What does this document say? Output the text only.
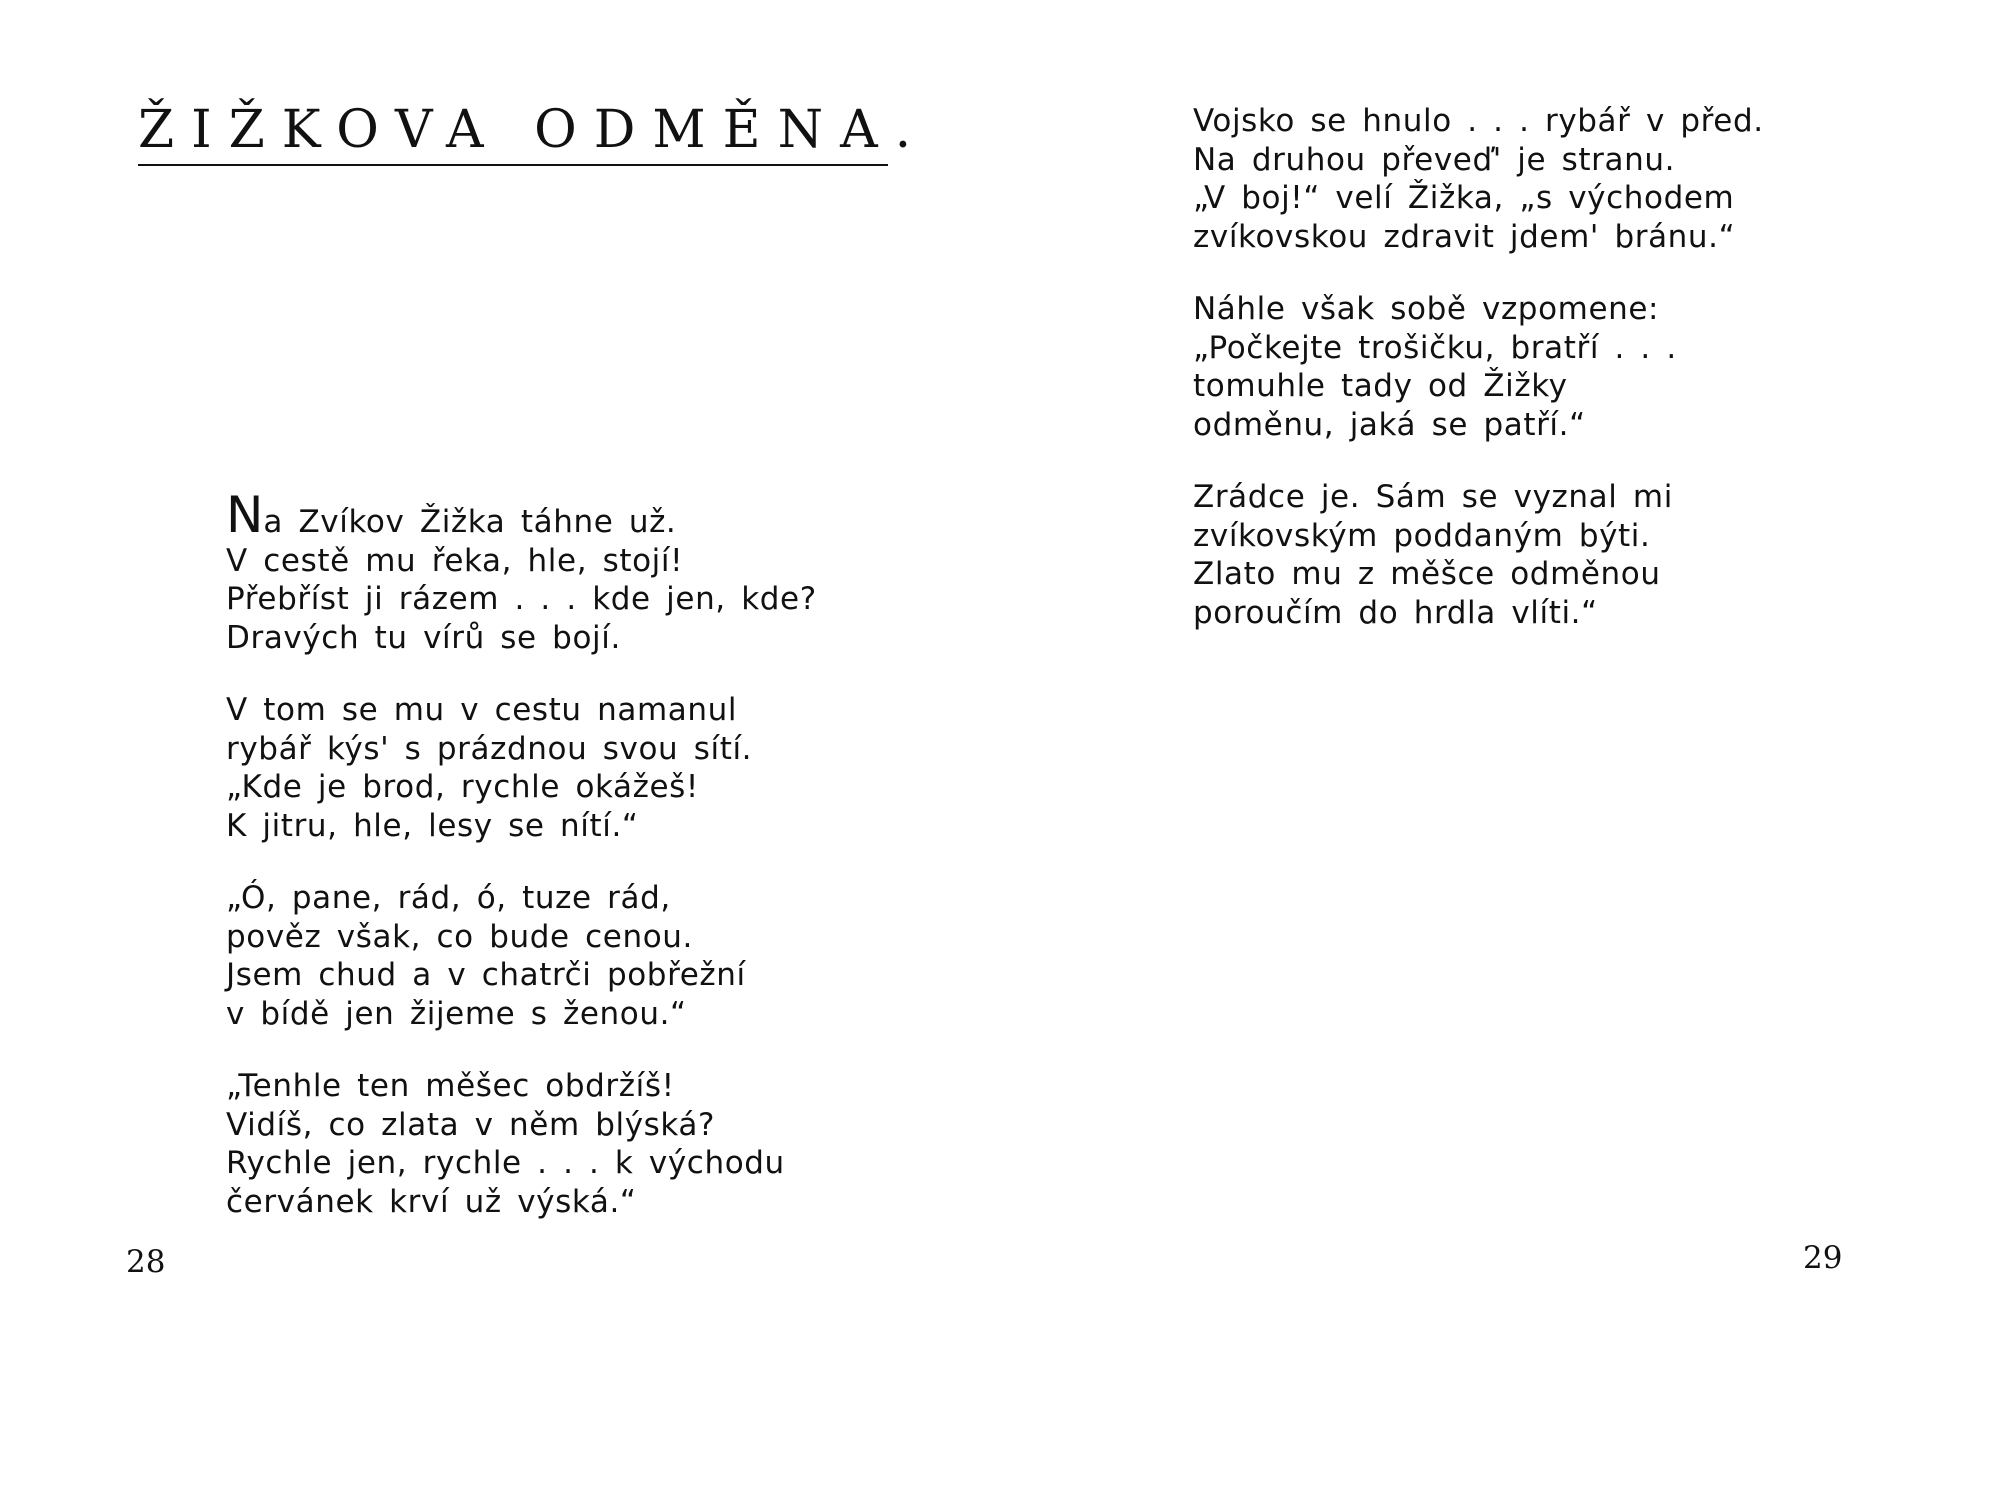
ŽIŽKOVA ODMĚNA.
Na Zvíkov Žižka táhne už.
V cestě mu řeka, hle, stojí!
Přebříst ji rázem . . . kde jen, kde?
Dravých tu vírů se bojí.
V tom se mu v cestu namanul
rybář kýs' s prázdnou svou sítí.
„Kde je brod, rychle okážeš!
K jitru, hle, lesy se nítí.“
„Ó, pane, rád, ó, tuze rád,
pověz však, co bude cenou.
Jsem chud a v chatrči pobřežní
v bídě jen žijeme s ženou.“
„Tenhle ten měšec obdržíš!
Vidíš, co zlata v něm blýská?
Rychle jen, rychle . . . k východu
červánek krví už výská.“
28
Vojsko se hnulo . . . rybář v před.
Na druhou převeď' je stranu.
„V boj!“ velí Žižka, „s východem
zvíkovskou zdravit jdem' bránu.“
Náhle však sobě vzpomene:
„Počkejte trošičku, bratří . . .
tomuhle tady od Žižky
odměnu, jaká se patří.“
Zrádce je. Sám se vyznal mi
zvíkovským poddaným býti.
Zlato mu z měšce odměnou
poroučím do hrdla vlíti.“
29
